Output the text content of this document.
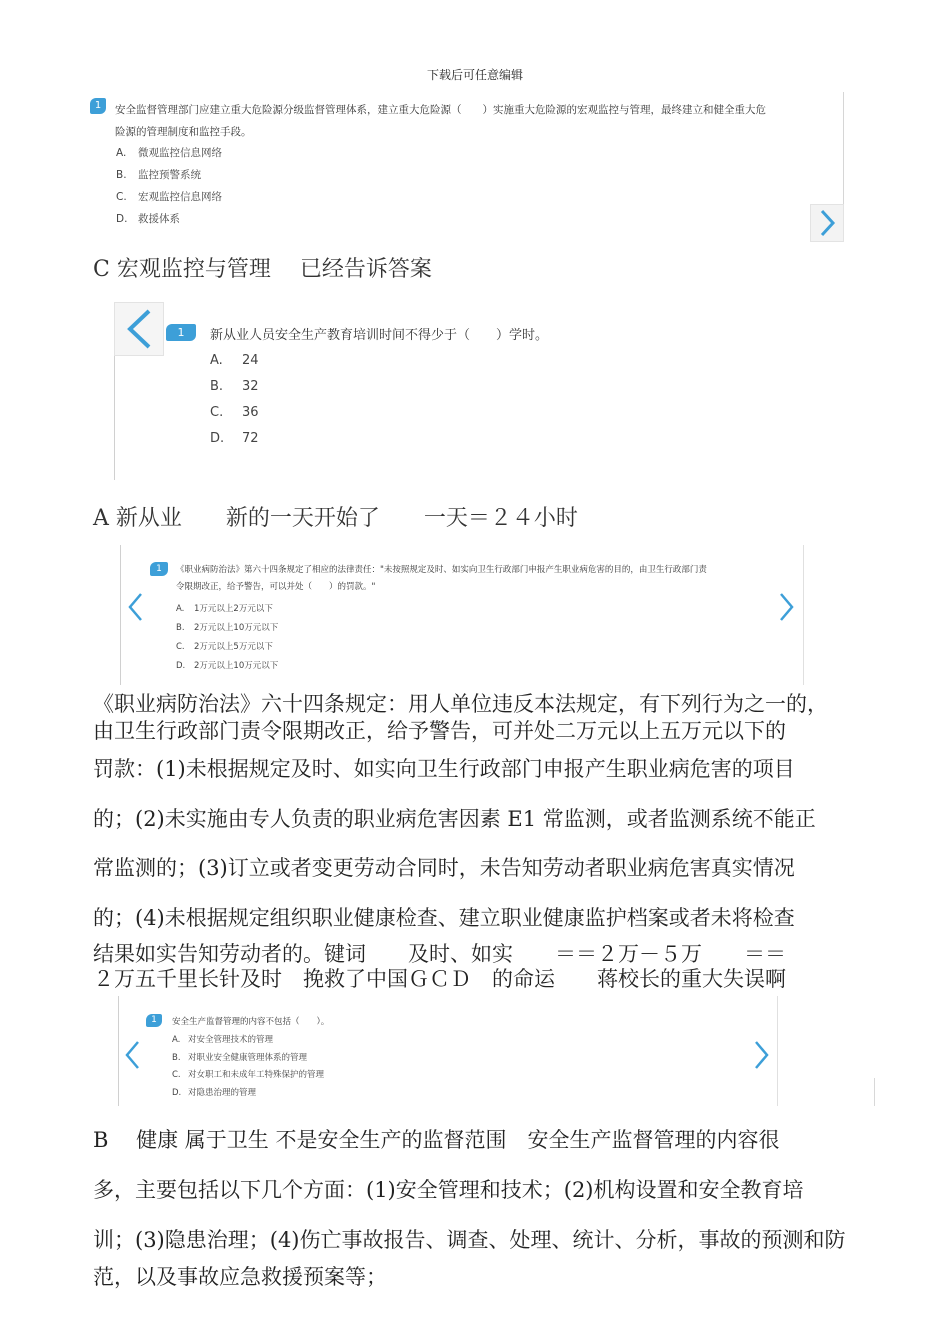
下载后可任意编辑
1	安全监督管理部门应建立重大危险源分级监督管理体系，建立重大危险源（　　）实施重大危险源的宏观监控与管理，最终建立和健全重大危
险源的管理制度和监控手段。
A. 微观监控信息网络
B. 监控预警系统
C. 宏观监控信息网络
D. 救援体系
C 宏观监控与管理　 已经告诉答案
1	新从业人员安全生产教育培训时间不得少于（　　）学时。
A. 24
B. 32
C. 36
D. 72
A 新从业　　新的一天开始了　　一天＝２４小时
1	《职业病防治法》第六十四条规定了相应的法律责任："未按照规定及时、如实向卫生行政部门申报产生职业病危害的目的，由卫生行政部门责
令限期改正，给予警告，可以并处（　　）的罚款。"
A. 1万元以上2万元以下
B. 2万元以上10万元以下
C. 2万元以上5万元以下
D. 2万元以上10万元以下
《职业病防治法》六十四条规定：用人单位违反本法规定，有下列行为之一的，
由卫生行政部门责令限期改正，给予警告，可并处二万元以上五万元以下的
罚款：(1)未根据规定及时、如实向卫生行政部门申报产生职业病危害的项目
的；(2)未实施由专人负责的职业病危害因素 E1 常监测，或者监测系统不能正
常监测的；(3)订立或者变更劳动合同时，未告知劳动者职业病危害真实情况
的；(4)未根据规定组织职业健康检查、建立职业健康监护档案或者未将检查
结果如实告知劳动者的。键词　　及时、如实　　＝＝２万－５万　　＝＝
２万五千里长针及时　挽救了中国ＧＣＤ　的命运　　蒋校长的重大失误啊
1	安全生产监督管理的内容不包括（　　）。
A. 对安全管理技术的管理
B. 对职业安全健康管理体系的管理
C. 对女职工和未成年工特殊保护的管理
D. 对隐患治理的管理
B　 健康 属于卫生 不是安全生产的监督范围　安全生产监督管理的内容很
多，主要包括以下几个方面：(1)安全管理和技术；(2)机构设置和安全教育培
训；(3)隐患治理；(4)伤亡事故报告、调查、处理、统计、分析，事故的预测和防
范，以及事故应急救援预案等；
